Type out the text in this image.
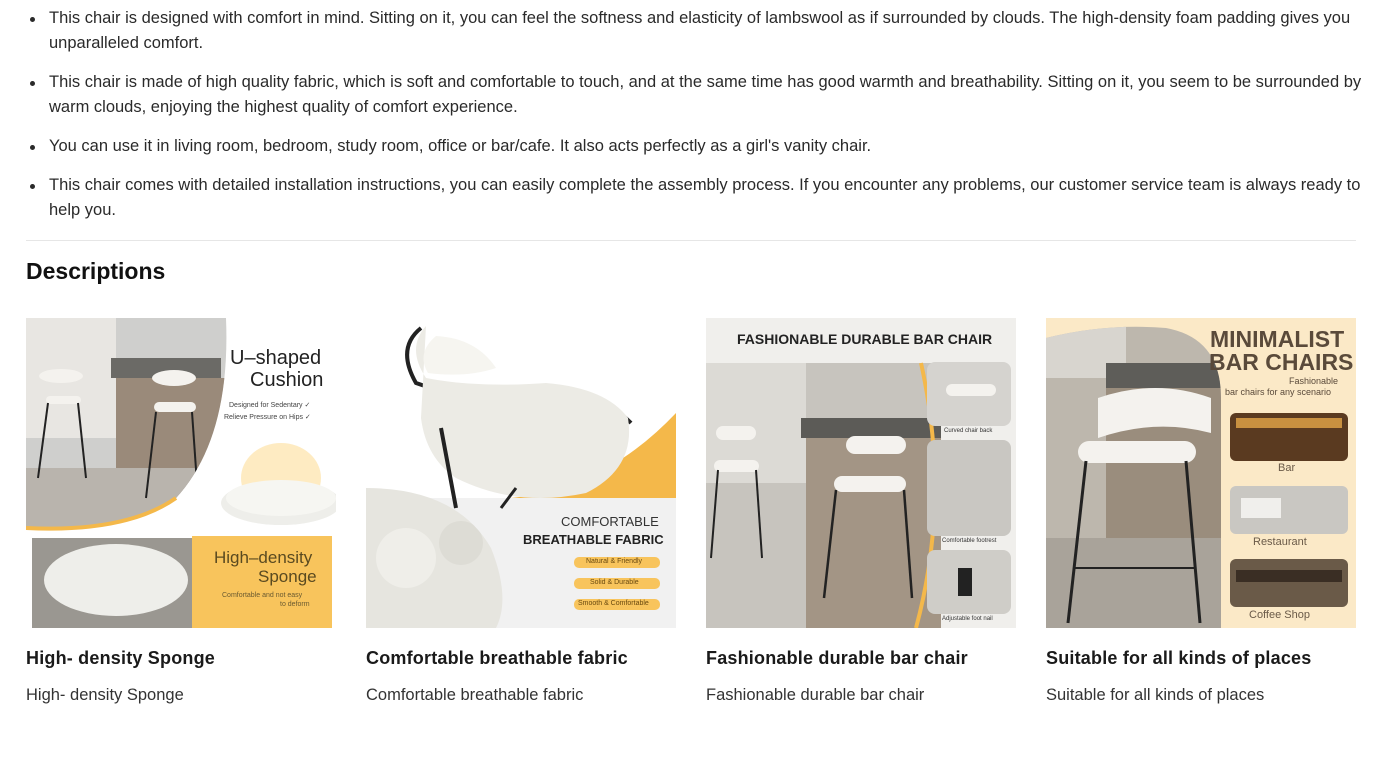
This chair is designed with comfort in mind. Sitting on it, you can feel the softness and elasticity of lambswool as if surrounded by clouds. The high-density foam padding gives you unparalleled comfort.
This chair is made of high quality fabric, which is soft and comfortable to touch, and at the same time has good warmth and breathability. Sitting on it, you seem to be surrounded by warm clouds, enjoying the highest quality of comfort experience.
You can use it in living room, bedroom, study room, office or bar/cafe. It also acts perfectly as a girl's vanity chair.
This chair comes with detailed installation instructions, you can easily complete the assembly process. If you encounter any problems, our customer service team is always ready to help you.
Descriptions
U–shaped
Cushion
Designed for Sedentary ✓
Relieve Pressure on Hips ✓
High–density
Sponge
Comfortable and not easy
to deform
High- density Sponge
High- density Sponge
COMFORTABLE
BREATHABLE FABRIC
Natural & Friendly
Solid & Durable
Smooth & Comfortable
Comfortable breathable fabric
Comfortable breathable fabric
FASHIONABLE DURABLE BAR CHAIR
Curved chair back
Comfortable footrest
Adjustable foot nail
Fashionable durable bar chair
Fashionable durable bar chair
MINIMALIST
BAR CHAIRS
Fashionable
bar chairs for any scenario
Bar
Restaurant
Coffee Shop
Suitable for all kinds of places
Suitable for all kinds of places
